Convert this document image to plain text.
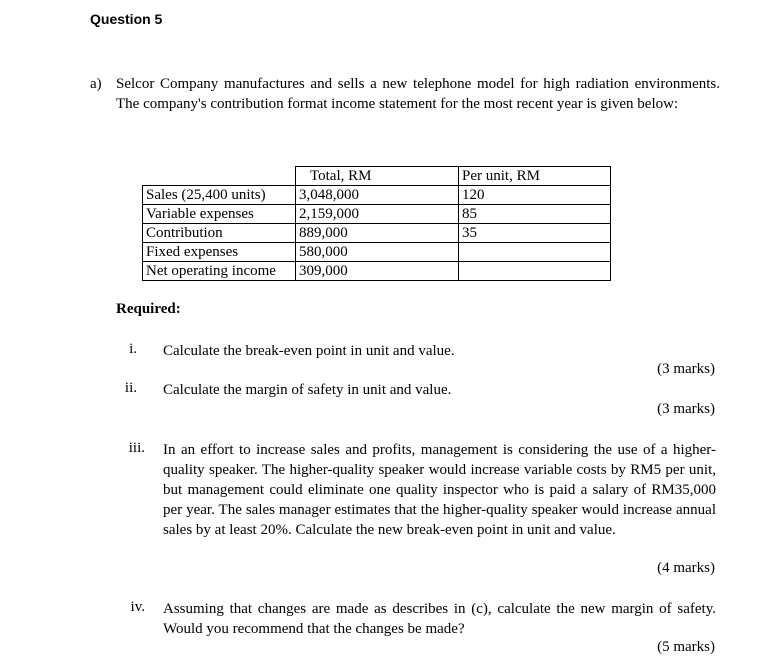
Question 5
a) Selcor Company manufactures and sells a new telephone model for high radiation environments. The company's contribution format income statement for the most recent year is given below:
	Total, RM	Per unit, RM
Sales (25,400 units)	3,048,000	120
Variable expenses	2,159,000	85
Contribution	889,000	35
Fixed expenses	580,000	
Net operating income	309,000	
Required:
i. Calculate the break-even point in unit and value.
(3 marks)
ii. Calculate the margin of safety in unit and value.
(3 marks)
iii. In an effort to increase sales and profits, management is considering the use of a higher-quality speaker. The higher-quality speaker would increase variable costs by RM5 per unit, but management could eliminate one quality inspector who is paid a salary of RM35,000 per year. The sales manager estimates that the higher-quality speaker would increase annual sales by at least 20%. Calculate the new break-even point in unit and value.
(4 marks)
iv. Assuming that changes are made as describes in (c), calculate the new margin of safety. Would you recommend that the changes be made?
(5 marks)
